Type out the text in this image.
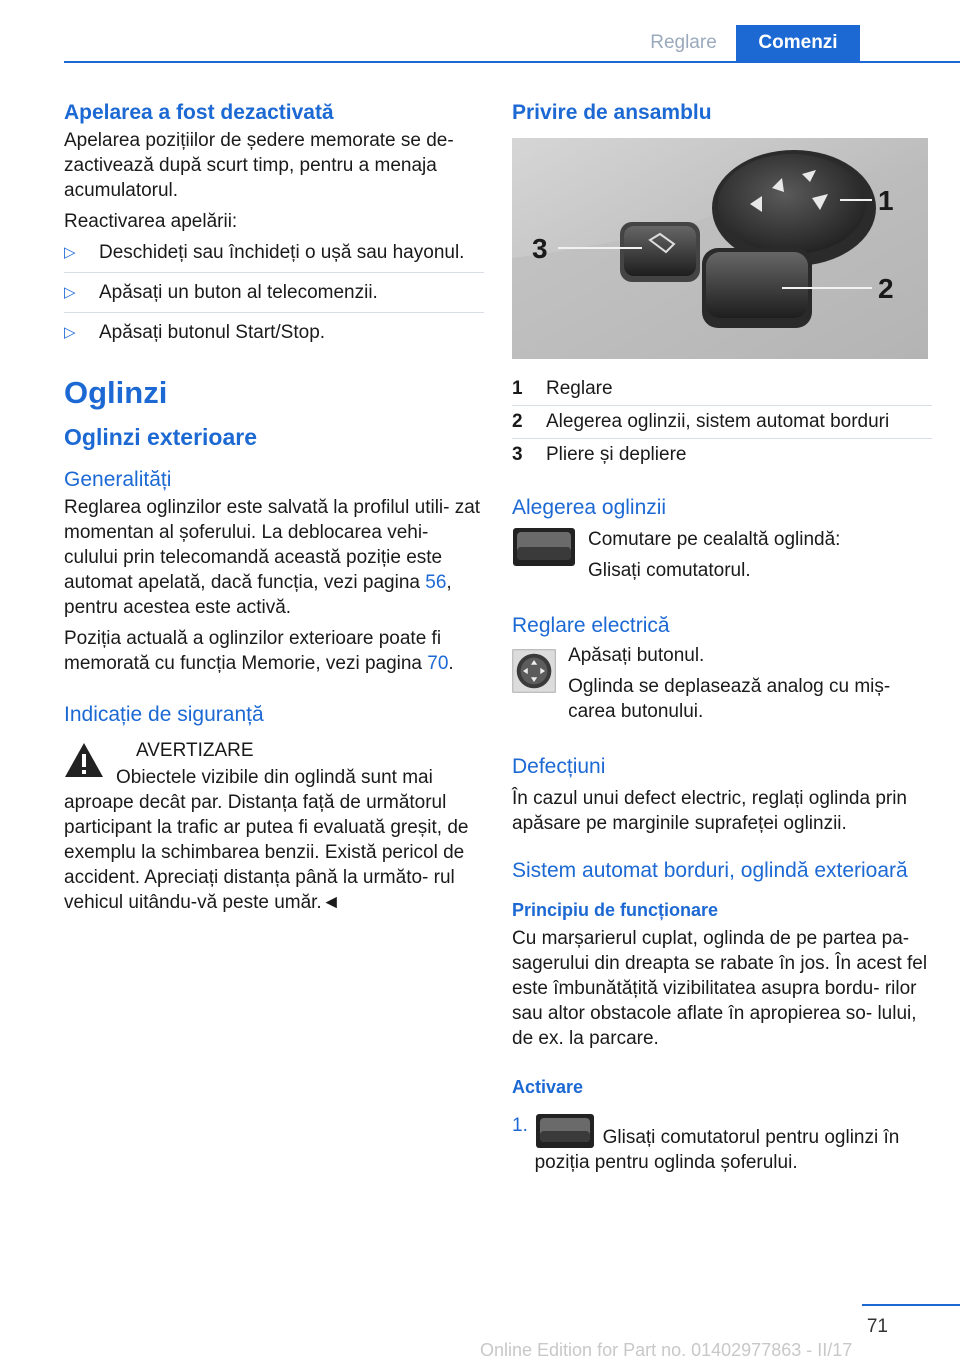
Reglare	Comenzi
Apelarea a fost dezactivată

Apelarea pozițiilor de ședere memorate se de‐ zactivează după scurt timp, pentru a menaja acumulatorul.

Reactivarea apelării:

▷ Deschideți sau închideți o ușă sau hayonul.
▷ Apăsați un buton al telecomenzii.
▷ Apăsați butonul Start/Stop.
Oglinzi
Oglinzi exterioare
Generalități

Reglarea oglinzilor este salvată la profilul utili‐ zat momentan al șoferului. La deblocarea vehi‐ culului prin telecomandă această poziție este automat apelată, dacă funcția, vezi pagina 56, pentru acestea este activă.

Poziția actuală a oglinzilor exterioare poate fi memorată cu funcția Memorie, vezi pagina 70.

Indicație de siguranță

AVERTIZARE

Obiectele vizibile din oglindă sunt mai aproape decât par. Distanța față de următorul participant la trafic ar putea fi evaluată greșit, de exemplu la schimbarea benzii. Există pericol de accident. Apreciați distanța până la următo‐ rul vehicul uitându-vă peste umăr.◄

Privire de ansamblu
1
2
3
1	Reglare
2	Alegerea oglinzii, sistem automat borduri
3	Pliere și depliere
Alegerea oglinzii

Comutare pe cealaltă oglindă:

Glisați comutatorul.

Reglare electrică

Apăsați butonul.

Oglinda se deplasează analog cu miș‐ carea butonului.

Defecțiuni

În cazul unui defect electric, reglați oglinda prin apăsare pe marginile suprafeței oglinzii.

Sistem automat borduri, oglindă exterioară
Principiu de funcționare

Cu marșarierul cuplat, oglinda de pe partea pa‐ sagerului din dreapta se rabate în jos. În acest fel este îmbunătățită vizibilitatea asupra bordu‐ rilor sau altor obstacole aflate în apropierea so‐ lului, de ex. la parcare.

Activare
1.
Glisați comutatorul pentru oglinzi în poziția pentru oglinda șoferului.
71
Online Edition for Part no. 01402977863 - II/17
